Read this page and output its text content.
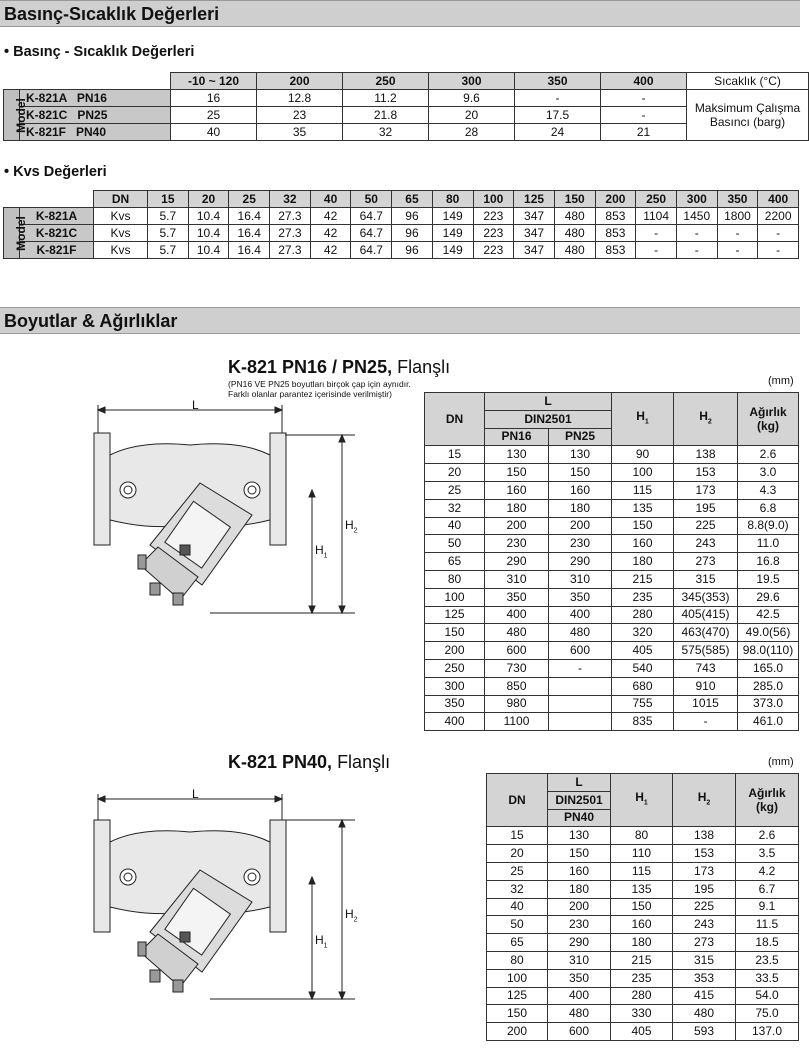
Basınç-Sıcaklık Değerleri
• Basınç - Sıcaklık Değerleri
		-10 ~ 120	200	250	300	350	400	Sıcaklık (°C)
Model	K-821A   PN16	16	12.8	11.2	9.6	-	-	Maksimum Çalışma Basıncı (barg)
	K-821C   PN25	25	23	21.8	20	17.5	-	
	K-821F   PN40	40	35	32	28	24	21	
• Kvs Değerleri
		DN	15	20	25	32	40	50	65	80	100	125	150	200	250	300	350	400
Model	K-821A	Kvs	5.7	10.4	16.4	27.3	42	64.7	96	149	223	347	480	853	1104	1450	1800	2200
	K-821C	Kvs	5.7	10.4	16.4	27.3	42	64.7	96	149	223	347	480	853	-	-	-	-
	K-821F	Kvs	5.7	10.4	16.4	27.3	42	64.7	96	149	223	347	480	853	-	-	-	-
Boyutlar & Ağırlıklar
K-821 PN16 / PN25, Flanşlı
(PN16 VE PN25 boyutları birçok çap için aynıdır.
Farklı olanlar parantez içerisinde verilmiştir)
(mm)
L
$H_1$
$H_2$
DN	L		$H_1$	$H_2$	Ağırlık (kg)
	DIN2501				
	PN16	PN25			
15	130	130	90	138	2.6
20	150	150	100	153	3.0
25	160	160	115	173	4.3
32	180	180	135	195	6.8
40	200	200	150	225	8.8(9.0)
50	230	230	160	243	11.0
65	290	290	180	273	16.8
80	310	310	215	315	19.5
100	350	350	235	345(353)	29.6
125	400	400	280	405(415)	42.5
150	480	480	320	463(470)	49.0(56)
200	600	600	405	575(585)	98.0(110)
250	730	-	540	743	165.0
300	850		680	910	285.0
350	980		755	1015	373.0
400	1100		835	-	461.0
K-821 PN40, Flanşlı	(mm)
L
$H_1$
$H_2$
DN	L	$H_1$	$H_2$	Ağırlık (kg)
	DIN2501			
	PN40			
15	130	80	138	2.6
20	150	110	153	3.5
25	160	115	173	4.2
32	180	135	195	6.7
40	200	150	225	9.1
50	230	160	243	11.5
65	290	180	273	18.5
80	310	215	315	23.5
100	350	235	353	33.5
125	400	280	415	54.0
150	480	330	480	75.0
200	600	405	593	137.0
